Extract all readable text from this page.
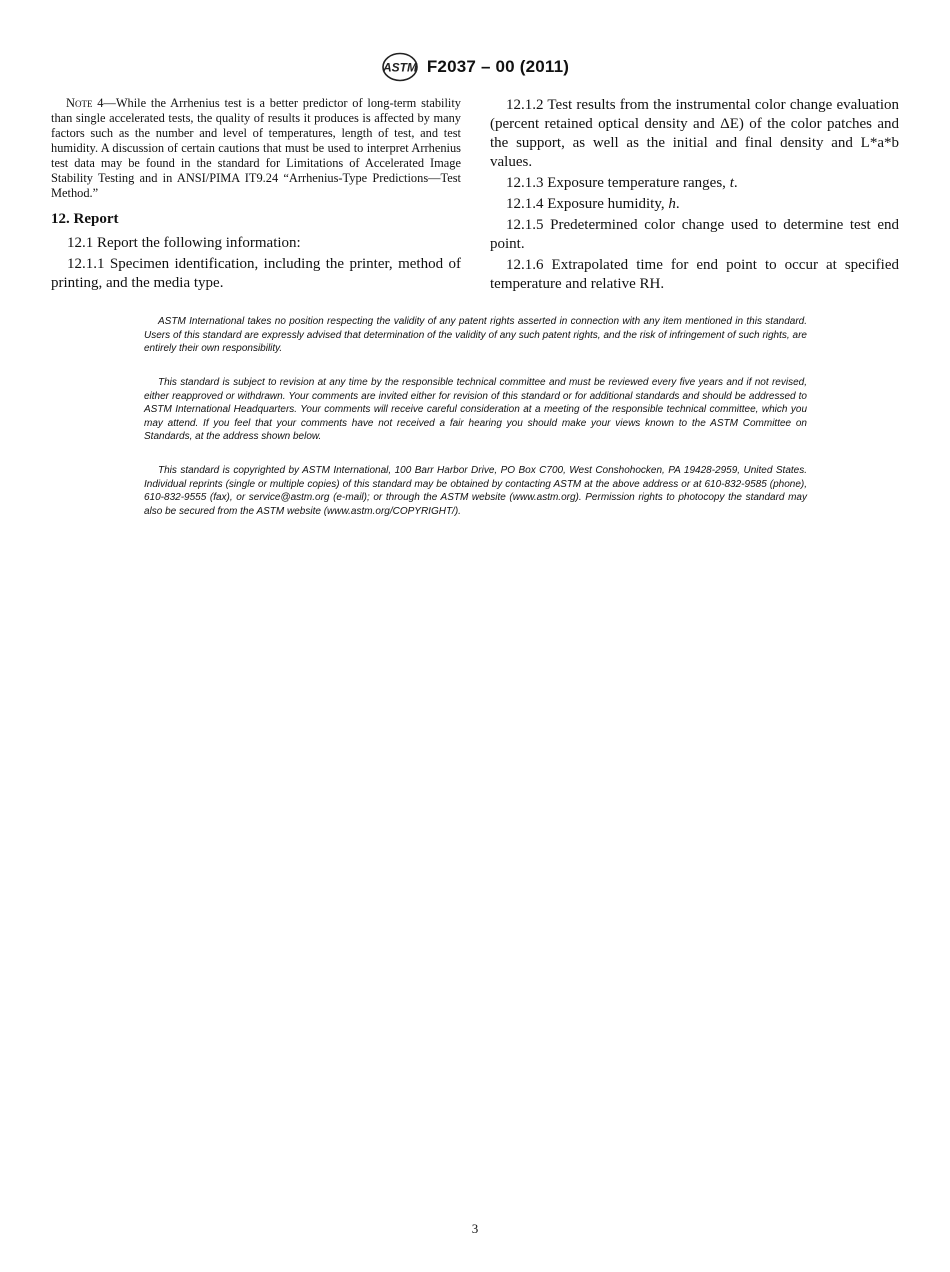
ASTM F2037 – 00 (2011)

Note 4—While the Arrhenius test is a better predictor of long-term stability than single accelerated tests, the quality of results it produces is affected by many factors such as the number and level of temperatures, length of test, and test humidity. A discussion of certain cautions that must be used to interpret Arrhenius test data may be found in the standard for Limitations of Accelerated Image Stability Testing and in ANSI/PIMA IT9.24 “Arrhenius-Type Predictions—Test Method.”

12. Report

12.1 Report the following information:

12.1.1 Specimen identification, including the printer, method of printing, and the media type.

12.1.2 Test results from the instrumental color change evaluation (percent retained optical density and ΔE) of the color patches and the support, as well as the initial and final density and L*a*b values.

12.1.3 Exposure temperature ranges, t.

12.1.4 Exposure humidity, h.

12.1.5 Predetermined color change used to determine test end point.

12.1.6 Extrapolated time for end point to occur at specified temperature and relative RH.

ASTM International takes no position respecting the validity of any patent rights asserted in connection with any item mentioned in this standard. Users of this standard are expressly advised that determination of the validity of any such patent rights, and the risk of infringement of such rights, are entirely their own responsibility.

This standard is subject to revision at any time by the responsible technical committee and must be reviewed every five years and if not revised, either reapproved or withdrawn. Your comments are invited either for revision of this standard or for additional standards and should be addressed to ASTM International Headquarters. Your comments will receive careful consideration at a meeting of the responsible technical committee, which you may attend. If you feel that your comments have not received a fair hearing you should make your views known to the ASTM Committee on Standards, at the address shown below.

This standard is copyrighted by ASTM International, 100 Barr Harbor Drive, PO Box C700, West Conshohocken, PA 19428-2959, United States. Individual reprints (single or multiple copies) of this standard may be obtained by contacting ASTM at the above address or at 610-832-9585 (phone), 610-832-9555 (fax), or service@astm.org (e-mail); or through the ASTM website (www.astm.org). Permission rights to photocopy the standard may also be secured from the ASTM website (www.astm.org/COPYRIGHT/).

3
